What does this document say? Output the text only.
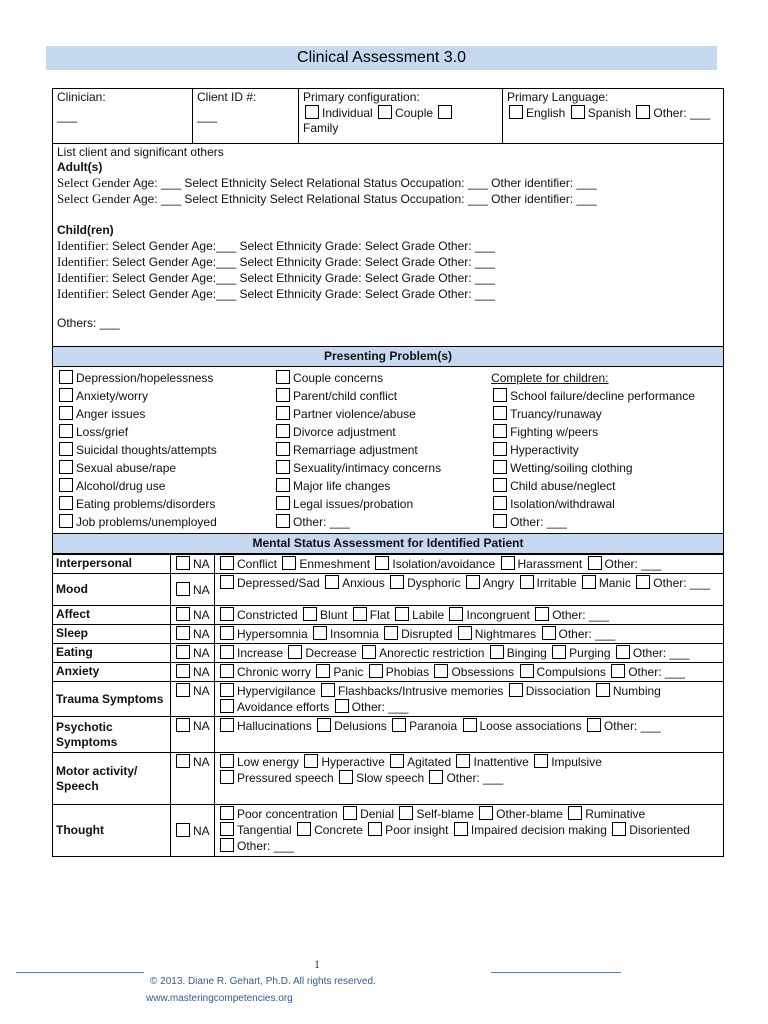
Clinical Assessment 3.0
Clinician:
___

Client ID #:
___

Primary configuration:
Individual Couple
Family

Primary Language:
English Spanish Other: ___

List client and significant others
Adult(s)
Select Gender Age: ___ Select Ethnicity Select Relational Status Occupation: ___ Other identifier: ___
Select Gender Age: ___ Select Ethnicity Select Relational Status Occupation: ___ Other identifier: ___
Child(ren)
Identifier: Select Gender Age:___ Select Ethnicity Grade: Select Grade Other: ___
Identifier: Select Gender Age:___ Select Ethnicity Grade: Select Grade Other: ___
Identifier: Select Gender Age:___ Select Ethnicity Grade: Select Grade Other: ___
Identifier: Select Gender Age:___ Select Ethnicity Grade: Select Grade Other: ___
Others: ___

Presenting Problem(s)

Depression/hopelessness
Anxiety/worry
Anger issues
Loss/grief
Suicidal thoughts/attempts
Sexual abuse/rape
Alcohol/drug use
Eating problems/disorders
Job problems/unemployed
Couple concerns
Parent/child conflict
Partner violence/abuse
Divorce adjustment
Remarriage adjustment
Sexuality/intimacy concerns
Major life changes
Legal issues/probation
Other: ___
Complete for children:
School failure/decline performance
Truancy/runaway
Fighting w/peers
Hyperactivity
Wetting/soiling clothing
Child abuse/neglect
Isolation/withdrawal
Other: ___

Mental Status Assessment for Identified Patient
Interpersonal	NA	Conflict Enmeshment Isolation/avoidance Harassment Other: ___
Mood	NA	Depressed/Sad Anxious Dysphoric Angry Irritable Manic Other: ___
Affect	NA	Constricted Blunt Flat Labile Incongruent Other: ___
Sleep	NA	Hypersomnia Insomnia Disrupted Nightmares Other: ___
Eating	NA	Increase Decrease Anorectic restriction Binging Purging Other: ___
Anxiety	NA	Chronic worry Panic Phobias Obsessions Compulsions Other: ___
Trauma Symptoms	NA	Hypervigilance Flashbacks/Intrusive memories Dissociation Numbing Avoidance efforts Other: ___
Psychotic Symptoms	NA	Hallucinations Delusions Paranoia Loose associations Other: ___
Motor activity/ Speech	NA	Low energy Hyperactive Agitated Inattentive Impulsive Pressured speech Slow speech Other: ___
Thought	NA	Poor concentration Denial Self-blame Other-blame Ruminative Tangential Concrete Poor insight Impaired decision making Disoriented Other: ___
1
© 2013. Diane R. Gehart, Ph.D. All rights reserved.
www.masteringcompetencies.org
